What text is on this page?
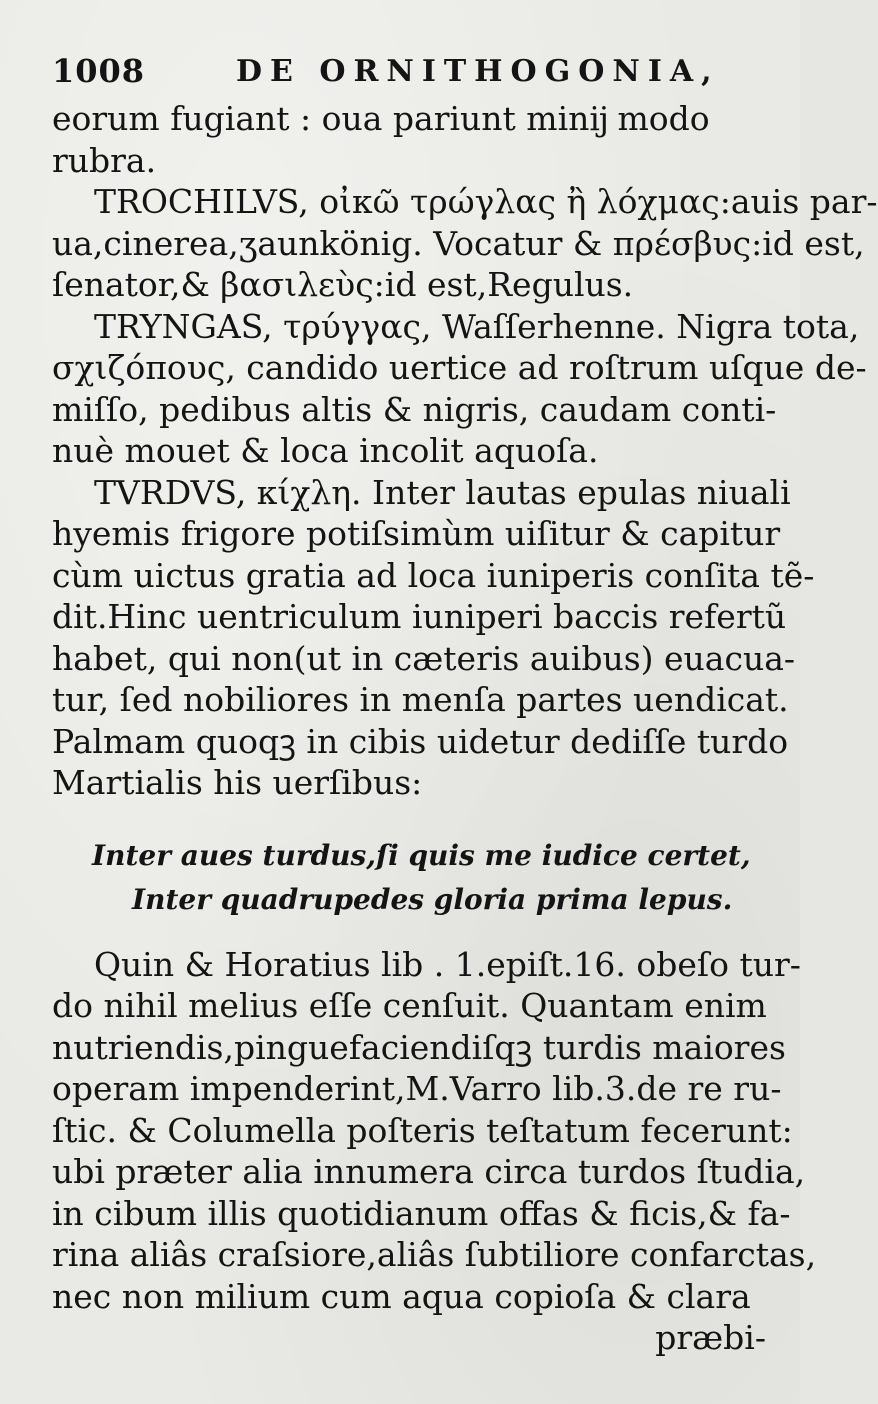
1008	DE ORNITHOGONIA,
eorum fugiant : oua pariunt minĳ modo
rubra.
TROCHILVS, οἰκῶ τρώγλας ἢ λόχμας:auis par-
ua,cinerea,ʒaunkönig. Vocatur & πρέσβυς:id est,
ſenator,& βασιλεὺς:id est,Regulus.
TRYNGAS, τρύγγας, Waſſerhenne. Nigra tota,
σχιζόπους, candido uertice ad roſtrum uſque de-
miſſo, pedibus altis & nigris, caudam conti-
nuè mouet & loca incolit aquoſa.
TVRDVS, κίχλη. Inter lautas epulas niuali
hyemis frigore potiſsimùm uiſitur & capitur
cùm uictus gratia ad loca iuniperis conſita tẽ-
dit.Hinc uentriculum iuniperi baccis refertũ
habet, qui non(ut in cæteris auibus) euacua-
tur, ſed nobiliores in menſa partes uendicat.
Palmam quoqꝫ in cibis uidetur dediſſe turdo
Martialis his uerſibus:
Inter aues turdus,ſi quis me iudice certet,
Inter quadrupedes gloria prima lepus.
Quin & Horatius lib . 1.epiſt.16. obeſo tur-
do nihil melius eſſe cenſuit. Quantam enim
nutriendis,pinguefaciendiſqꝫ turdis maiores
operam impenderint,M.Varro lib.3.de re ru-
ſtic. & Columella poſteris teſtatum fecerunt:
ubi præter alia innumera circa turdos ſtudia,
in cibum illis quotidianum offas & ficis,& fa-
rina aliâs craſsiore,aliâs ſubtiliore confarctas,
nec non milium cum aqua copioſa & clara
præbi-
